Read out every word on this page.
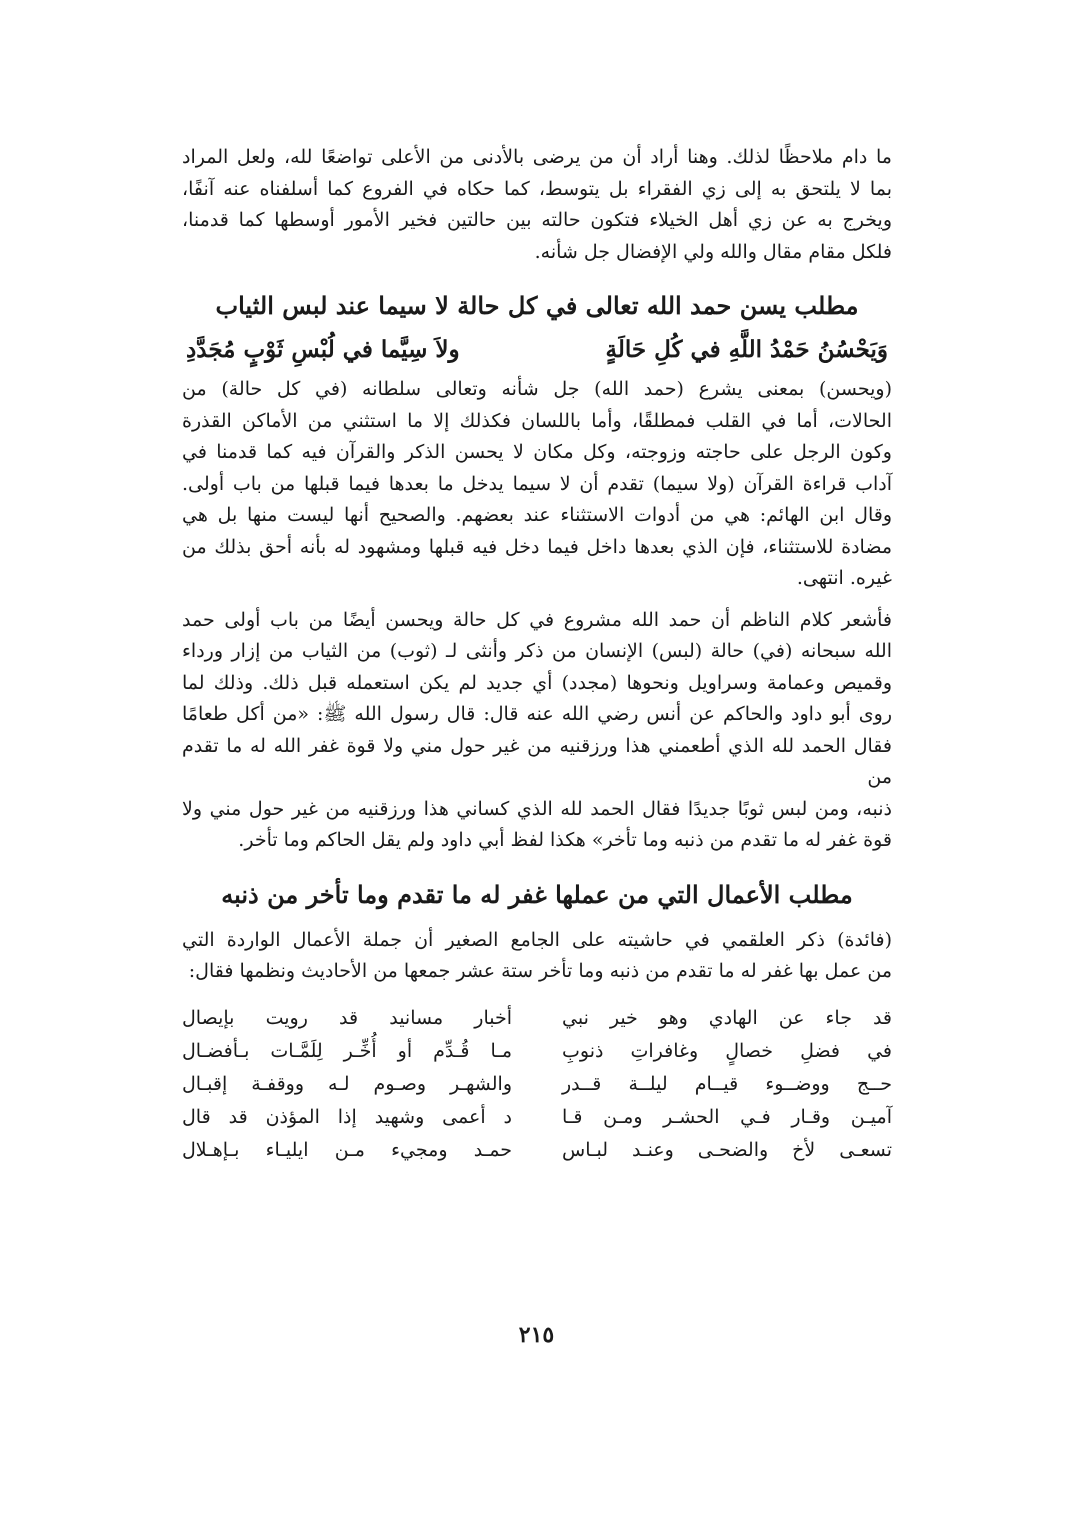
ما دام ملاحظًا لذلك. وهنا أراد أن من يرضى بالأدنى من الأعلى تواضعًا لله، ولعل المراد
بما لا يلتحق به إلى زي الفقراء بل يتوسط، كما حكاه في الفروع كما أسلفناه عنه آنفًا،
ويخرج به عن زي أهل الخيلاء فتكون حالته بين حالتين فخير الأمور أوسطها كما قدمنا،
فلكل مقام مقال والله ولي الإفضال جل شأنه.

مطلب يسن حمد الله تعالى في كل حالة لا سيما عند لبس الثياب
وَيَحْسُنُ حَمْدُ اللَّهِ في كُلِ حَالَةٍ
ولاَ سِيَّما في لُبْسِ ثَوْبٍ مُجَدَّدِ

(ويحسن) بمعنى يشرع (حمد الله) جل شأنه وتعالى سلطانه (في كل حالة) من
الحالات، أما في القلب فمطلقًا، وأما باللسان فكذلك إلا ما استثني من الأماكن القذرة
وكون الرجل على حاجته وزوجته، وكل مكان لا يحسن الذكر والقرآن فيه كما قدمنا في
آداب قراءة القرآن (ولا سيما) تقدم أن لا سيما يدخل ما بعدها فيما قبلها من باب أولى.
وقال ابن الهائم: هي من أدوات الاستثناء عند بعضهم. والصحيح أنها ليست منها بل هي
مضادة للاستثناء، فإن الذي بعدها داخل فيما دخل فيه قبلها ومشهود له بأنه أحق بذلك من
غيره. انتهى.

فأشعر كلام الناظم أن حمد الله مشروع في كل حالة ويحسن أيضًا من باب أولى حمد
الله سبحانه (في) حالة (لبس) الإنسان من ذكر وأنثى لـ (ثوب) من الثياب من إزار ورداء
وقميص وعمامة وسراويل ونحوها (مجدد) أي جديد لم يكن استعمله قبل ذلك. وذلك لما
روى أبو داود والحاكم عن أنس رضي الله عنه قال: قال رسول الله ﷺ: «من أكل طعامًا
فقال الحمد لله الذي أطعمني هذا ورزقنيه من غير حول مني ولا قوة غفر الله له ما تقدم من
ذنبه، ومن لبس ثوبًا جديدًا فقال الحمد لله الذي كساني هذا ورزقنيه من غير حول مني ولا
قوة غفر له ما تقدم من ذنبه وما تأخر» هكذا لفظ أبي داود ولم يقل الحاكم وما تأخر.

مطلب الأعمال التي من عملها غفر له ما تقدم وما تأخر من ذنبه

(فائدة) ذكر العلقمي في حاشيته على الجامع الصغير أن جملة الأعمال الواردة التي
من عمل بها غفر له ما تقدم من ذنبه وما تأخر ستة عشر جمعها من الأحاديث ونظمها فقال:

قد جاء عن الهادي وهو خير نبي
أخبار مسانيد قد رويت بإيصال
في فضلِ خصالٍ وغافراتِ ذنوبِ
مـا قُـدِّم أو أُخِّـر لِلَمَّـات بـأفضـال
حــج ووضــوء قيــام ليلــة قــدر
والشهـر وصـوم لـه ووقفـة إقبـال
آميـن وقـار فـي الحشـر ومـن قـا
د أعمى وشهيد إذا المؤذن قد قال
تسعـى لأخ والضحـى وعنـد لبـاس
حمـد ومجيء مـن ايليـاء بـإهـلال
٢١٥
